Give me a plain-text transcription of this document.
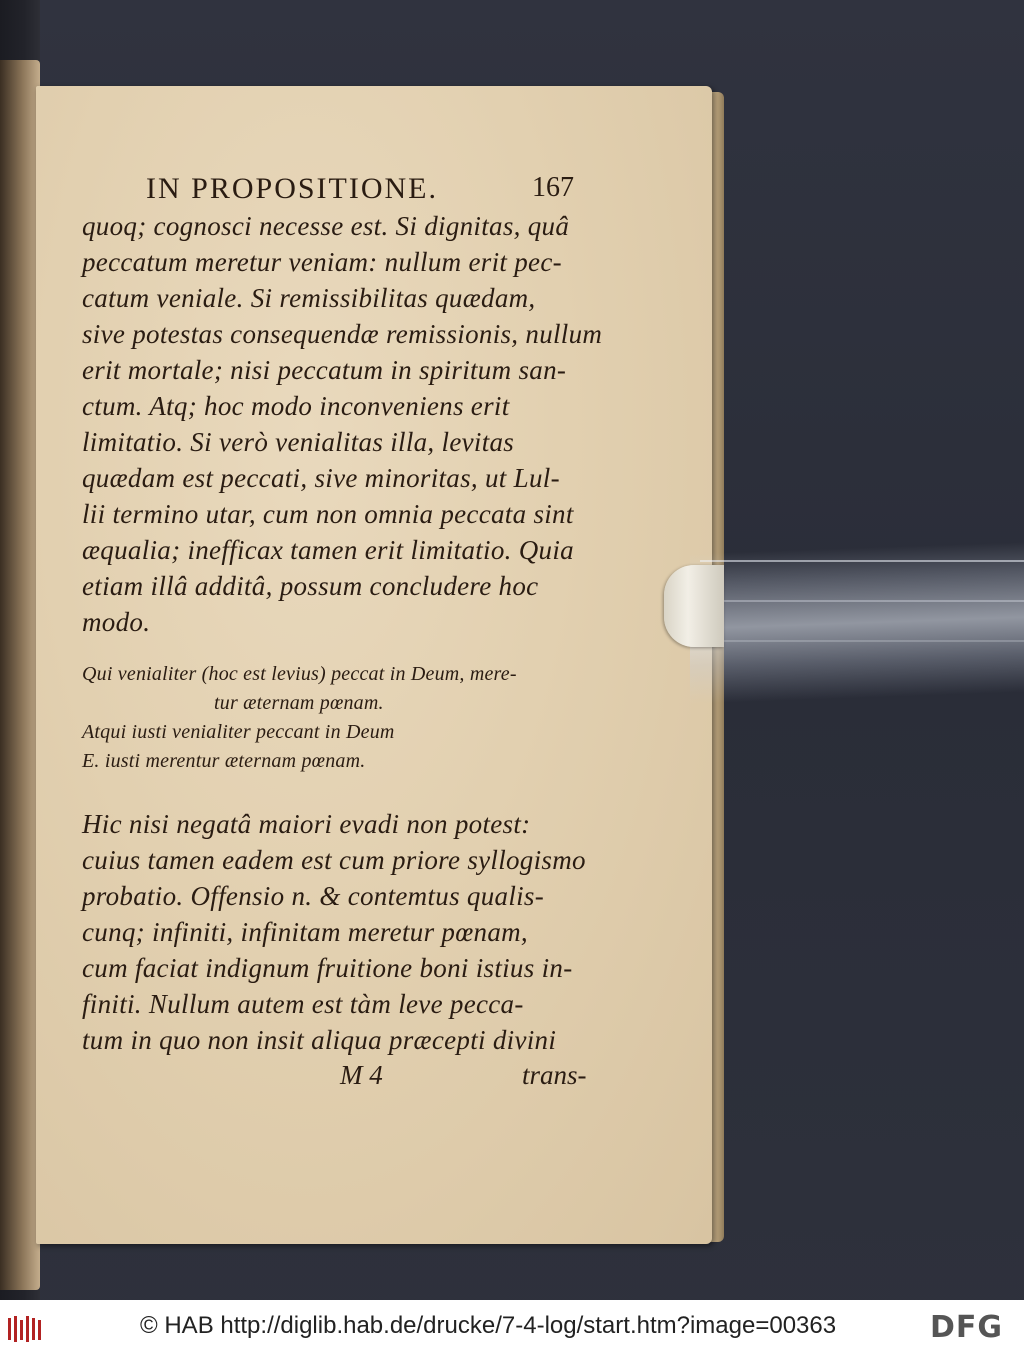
IN PROPOSITIONE.	167

quoq; cognosci necesse est. Si dignitas, quâ
peccatum meretur veniam: nullum erit pec-
catum veniale. Si remissibilitas quædam,
sive potestas consequendæ remissionis, nullum
erit mortale; nisi peccatum in spiritum san-
ctum. Atq; hoc modo inconveniens erit
limitatio. Si verò venialitas illa, levitas
quædam est peccati, sive minoritas, ut Lul-
lii termino utar, cum non omnia peccata sint
æqualia; inefficax tamen erit limitatio. Quia
etiam illâ additâ, possum concludere hoc
modo.

Qui venialiter (hoc est levius) peccat in Deum, mere-
tur æternam pœnam.
Atqui iusti venialiter peccant in Deum
E. iusti merentur æternam pœnam.

Hic nisi negatâ maiori evadi non potest:
cuius tamen eadem est cum priore syllogismo
probatio. Offensio n. & contemtus qualis-
cunq; infiniti, infinitam meretur pœnam,
cum faciat indignum fruitione boni istius in-
finiti. Nullum autem est tàm leve pecca-
tum in quo non insit aliqua præcepti divini

M 4	trans-
© HAB http://diglib.hab.de/drucke/7-4-log/start.htm?image=00363	DFG
